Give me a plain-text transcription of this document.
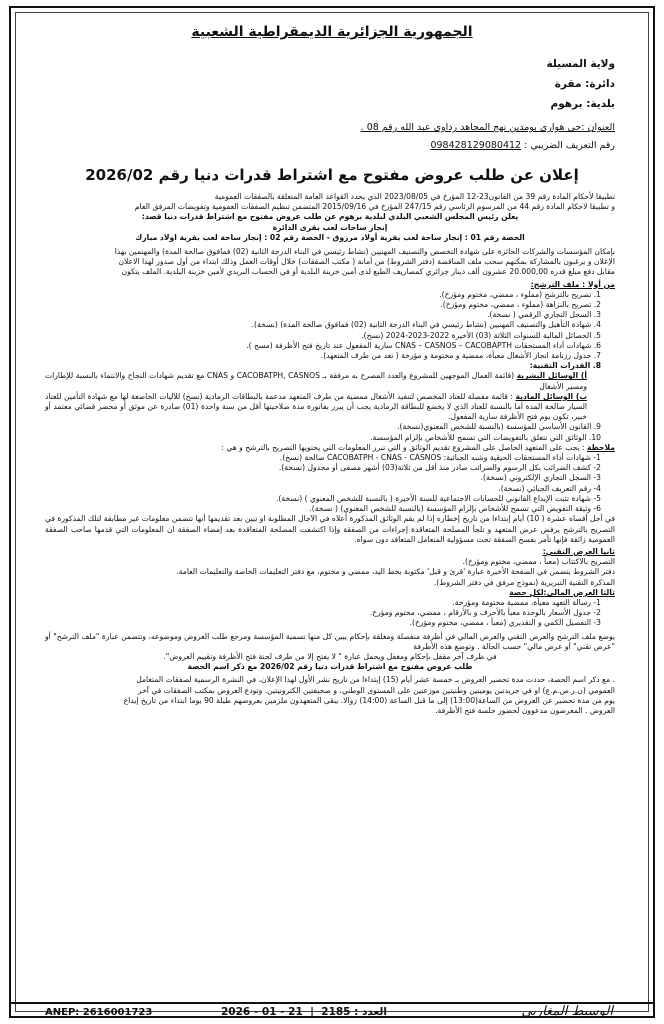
الجمهورية الجزائرية الديمقراطية الشعبية
ولاية المسيلة
دائرة: مقرة
بلدية: برهوم
العنوان :حي هواري بومدين نهج المجاهد رداوي عبد الله رقم 08 .
رقم التعريف الضريبي : 098428129080412
إعلان عن طلب عروض مفتوح مع اشتراط قدرات دنيا رقم 2026/02
تطبيقا لأحكام المادة رقم 39 من القانون23-12 المؤرخ في 2023/08/05 الذي يحدد القواعد العامة المتعلقة بالصفقات العمومية
و تطبيقا لاحكام المادة رقم 44 من المرسوم الرئاسي رقم 247/15 المؤرخ في 2015/09/16 المتضمن تنظيم الصفقات العمومية وتفويضات المرفق العام
يعلن رئيس المجلس الشعبي البلدي لبلدية برهوم عن طلب عروض مفتوح مع اشتراط قدرات دنيا قصد:
إنجاز ساحات لعب بقرى الدائرة
الحصة رقم 01 : إنجاز ساحة لعب بقرية أولاد مرزوق - الحصة رقم 02 : إنجاز ساحة لعب بقرية اولاد مبارك
بإمكان المؤسسات والشركات الحائزة على شهادة التخصص والتصنيف المهنيين (نشاط رئيسي في البناء الدرجة الثانية (02) فمافوق صالحة المدة) والمهتمين بهذا
الإعلان و يرغبون بالمشاركة بمكنهم سحب ملف المناقصة (دفتر الشروط) من أمانة ( مكتب الصفقات) خلال أوقات العمل وذلك ابتداء من أول صدور لهذا الاعلان
مقابل دفع مبلغ قدره 20.000,00 عشرون ألف دينار جزائري كمصاريف الطبع لدى أمين خزينة البلدية أو في الحساب البريدي لأمين خزينة البلدية. الملف يتكون
من أولا : ملف الترشح:
1. تصريح بالترشح (مملوء ، ممضي، مختوم ومؤرخ).
2. تصريح بالنزاهة (مملوء ، ممضي، مختوم ومؤرخ).
3. السجل التجاري الرقمي ( نسخة).
4. شهادة التأهيل والتصنيف المهنيين (نشاط رئيسي في البناء الدرجة الثانية (02) فمافوق صالحة المدة) (نسخة).
5. الحصائل المالية للسنوات الثلاثة (03) الأخيرة 2022-2023-2024 (نسخ).
6. شهادات أداء المستحقات CNAS – CASNOS – CACOBAPTH سارية المفعول عند تاريخ فتح الأظرفة (مسح ).
7. جدول رزنامة انجاز الأشغال معبأة، ممضية و مختومة و مؤرخة ( تعد من طرف المتعهد).
8. القدرات التقنية:
أ) الوسائل البشرية (قائمة العمال الموجهين للمشروع والعدد المصرح به مرفقة بـ CACOBATPH, CASNOS و CNAS مع تقديم شهادات النجاح والانتماء بالنسبة للإطارات ومسير الأشغال
ب) الوسائل المادية : قائمة مفصلة للعتاد المخصص لتنفيذ الأشغال ممضية من طرف المتعهد مدعمة بالبطاقات الرمادية (نسخ) للآليات الخاضعة لها مع شهادة التأمين للعتاد السيار صالحة المدة أما بالنسبة للعتاد الذي لا يخضع للبطاقة الرمادية يجب أن يبرر بفاتورة مدة صلاحيتها أقل من سنة واحدة (01) صادرة عن موثق أو محضر قضائي معتمد أو خبير، تكون يوم فتح الأظرفة سارية المفعول.
9. القانون الأساسي للمؤسسة (بالنسبة للشخص المعنوي(نسخة).
10. الوثائق التي تتعلق بالتفويضات التي تسمح للأشخاص بإلزام المؤسسة.
ملاحظة : يجب على المتعهد الحاصل على المشروع تقديم الوثائق و التي تبرر المعلومات التي يحتويها التصريح بالترشح و هي :
1- شهادات أداء المستحقات الحيقية وشبه الجبائية: CACOBATPH - CNAS - CASNOS صالحة (نسخ).
2- كشف الضرائب بكل الرسوم والضرائب صادر منذ أقل من ثلاثة(03) أشهر مصفى أو مجدول (نسخة).
3- السجل التجاري الإلكتروني (نسخة).
4- رقم التعريف الجبائي (نسخة).
5- شهادة تثبت الإيداع القانوني للحسابات الاجتماعية للسنة الأخيرة ( بالنسبة للشخص المعنوي ) (نسخة).
6- وثيقة التفويض التي تسمح للأشخاص بإلزام المؤسسة (بالنسبة للشخص المعنوي) ( نسخة).
في أجل أقصاه عشرة ( 10) أيام إبتداءا من تاريخ إخطاره إذا لم يقم الوثائق المذكورة أعلاه في الآجال المطلوبة او تبين بعد تقديمها أنها تتضمن معلومات غير مطابقة لتلك المذكورة في التصريح بالترشح يرفض عرض المتعهد و تلجأ المصلحة المتعاقدة إجراءات من الصفقة وإذا اكتشفت المصلحة المتعاقدة بعد إمضاء الصفقة ان المعلومات التي قدمها صاحب الصفقة العمومية زائفة فإنها تأمر بفسخ الصفقة تحت مسؤولية المتعامل المتعاقد دون سواه.
ثانيا العرض التقني:
التصريح بالاكتتاب (معبأ ، ممضي، مختوم ومؤرخ).
دفتر الشروط يتضمن في الصفحة الأخيرة عبارة 'قرئ و قبل' مكتوبة بخط اليد، ممضي و مختوم، مع دفتر التعليمات الخاصة والتعليمات العامة.
المذكرة التقنية التبريرية (نموذج مرفق في دفتر الشروط).
ثالثا العرض المالي:لكل حصة
1- رسالة التعهد معبأة، ممضية مختومة ومؤرخة.
2- جدول الأسعار بالوحدة معبأ بالأحرف و بالأرقام ، ممضي، مختوم ومؤرخ.
3- التفصيل الكمي و التقديري (معبأ ، ممضي، مختوم ومؤرخ).
يوضع ملف الترشح والعرض التقني والعرض المالي في أظرفة منفصلة ومغلقة بإحكام يبين كل منها تسمية المؤسسة ومرجع طلب العروض وموضوعه، وتتضمن عبارة "ملف الترشح" أو "عرض تقني" أو عرض مالي" حسب الحالة . وتوضع هذه الأظرفة
في ظرف آخر مقفل بإحكام ومغفل ويحمل عبارة " لا يفتح إلا من طرف لجنة فتح الأظرفة وتقييم العروض".
طلب عروض مفتوح مع اشتراط قدرات دنيا رقم 2026/02 مع ذكر اسم الحصة
. مع ذكر اسم الحصة، حددت مدة تحضير العروض بـ خمسة عشر أيام (15) إبتداءا من تاريخ نشر الأول لهذا الإعلان، في النشرة الرسمية لصفقات المتعامل
العمومي (ن.ر.ص.م.ع) او في جريدتين يوميتين وطنيتين موزعتين على المستوى الوطني. و صحيفتين الكترونيتين. وتودع العروض بمكتب الصفقات في آخر
يوم من مدة تحضير عن العروض من الساعة(13:00) إلى ما قبل الساعة (14:00) زوالا. يبقى المتعهدون ملزمين بعروضهم طيلة 90 يوما ابتداء من تاريخ إيداع
العروض . المعرضون مدعوون لحضور جلسة فتح الأظرفة.
ANEP: 2616001723	العدد : 2185  |  2026 - 01 - 21	الوسيط المغاربي
